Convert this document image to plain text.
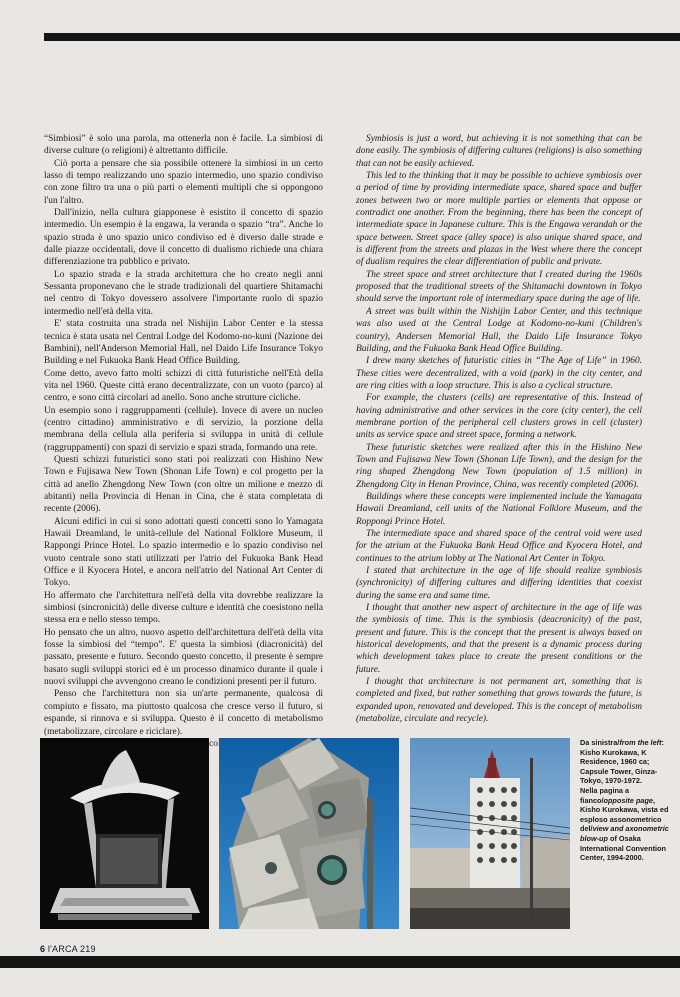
“Simbiosi” è solo una parola, ma ottenerla non è facile. La simbiosi di diverse culture (o religioni) è altrettanto difficile.

Ciò porta a pensare che sia possibile ottenere la simbiosi in un certo lasso di tempo realizzando uno spazio intermedio, uno spazio condiviso con zone filtro tra una o più parti o elementi multipli che si oppongono l'un l'altro.

Dall'inizio, nella cultura giapponese è esistito il concetto di spazio intermedio. Un esempio è la engawa, la veranda o spazio “tra”. Anche lo spazio strada è uno spazio unico condiviso ed è diverso dalle strade e dalle piazze occidentali, dove il concetto di dualismo richiede una chiara differenziazione tra pubblico e privato.

Lo spazio strada e la strada architettura che ho creato negli anni Sessanta proponevano che le strade tradizionali del quartiere Shitamachi nel centro di Tokyo dovessero assolvere l'importante ruolo di spazio intermedio nell'età della vita.

E' stata costruita una strada nel Nishijin Labor Center e la stessa tecnica è stata usata nel Central Lodge del Kodomo-no-kuni (Nazione dei Bambini), nell'Anderson Memorial Hall, nel Daido Life Insurance Tokyo Building e nel Fukuoka Bank Head Office Building.

Come detto, avevo fatto molti schizzi di città futuristiche nell'Età della vita nel 1960. Queste città erano decentralizzate, con un vuoto (parco) al centro, e sono città circolari ad anello. Sono anche strutture cicliche.

Un esempio sono i raggruppamenti (cellule). Invece di avere un nucleo (centro cittadino) amministrativo e di servizio, la porzione della membrana della cellula alla periferia si sviluppa in unità di cellule (raggruppamenti) con spazi di servizio e spazi strada, formando una rete.

Questi schizzi futuristici sono stati poi realizzati con Hishino New Town e Fujisawa New Town (Shonan Life Town) e col progetto per la città ad anello Zhengdong New Town (con oltre un milione e mezzo di abitanti) nella Provincia di Henan in Cina, che è stata completata di recente (2006).

Alcuni edifici in cui si sono adottati questi concetti sono lo Yamagata Hawaii Dreamland, le unità-cellule del National Folklore Museum, il Rappongi Prince Hotel. Lo spazio intermedio e lo spazio condiviso nel vuoto centrale sono stati utilizzati per l'atrio del Fukuoka Bank Head Office e il Kyocera Hotel, e ancora nell'atrio del National Art Center di Tokyo.

Ho affermato che l'architettura nell'età della vita dovrebbe realizzare la simbiosi (sincronicità) delle diverse culture e identità che coesistono nella stessa era e nello stesso tempo.

Ho pensato che un altro, nuovo aspetto dell'architettura dell'età della vita fosse la simbiosi del “tempo”. E' questa la simbiosi (diacronicità) del passato, presente e futuro. Secondo questo concetto, il presente è sempre basato sugli sviluppi storici ed è un processo dinamico durante il quale i nuovi sviluppi che avvengono creano le condizioni presenti per il futuro.

Penso che l'architettura non sia un'arte permanente, qualcosa di compiuto e fissato, ma piuttosto qualcosa che cresce verso il futuro, si espande, si rinnova e si sviluppa. Questo è il concetto di metabolismo (metabolizzare, circolare e riciclare).

secolare,

Symbiosis is just a word, but achieving it is not something that can be done easily. The symbiosis of differing cultures (religions) is also something that can not be easily achieved.

This led to the thinking that it may be possible to achieve symbiosis over a period of time by providing intermediate space, shared space and buffer zones between two or more multiple parties or elements that oppose or contradict one another. From the beginning, there has been the concept of intermediate space in Japanese culture. This is the Engawa verandah or the space between. Street space (alley space) is also unique shared space, and is different from the streets and plazas in the West where there the concept of dualism requires the clear differentiation of public and private.

The street space and street architecture that I created during the 1960s proposed that the traditional streets of the Shitamachi downtown in Tokyo should serve the important role of intermediary space during the age of life.

A street was built within the Nishijin Labor Center, and this technique was also used at the Central Lodge at Kodomo-no-kuni (Children's country), Andersen Memorial Hall, the Daido Life Insurance Tokyo Building, and the Fukuoka Bank Head Office Building.

I drew many sketches of futuristic cities in “The Age of Life” in 1960. These cities were decentralized, with a void (park) in the city center, and are ring cities with a loop structure. This is also a cyclical structure.

For example, the clusters (cells) are representative of this. Instead of having administrative and other services in the core (city center), the cell membrane portion of the peripheral cell clusters grows in cell (cluster) units as service space and street space, forming a network.

These futuristic sketches were realized after this in the Hishino New Town and Fujisawa New Town (Shonan Life Town), and the design for the ring shaped Zhengdong New Town (population of 1.5 million) in Zhengdong City in Henan Province, China, was recently completed (2006).

Buildings where these concepts were implemented include the Yamagata Hawaii Dreamland, cell units of the National Folklore Museum, and the Roppongi Prince Hotel.

The intermediate space and shared space of the central void were used for the atrium at the Fukuoka Bank Head Office and Kyocera Hotel, and continues to the atrium lobby at The National Art Center in Tokyo.

I stated that architecture in the age of life should realize symbiosis (synchronicity) of differing cultures and differing identities that coexist during the same era and same time.

I thought that another new aspect of architecture in the age of life was the symbiosis of time. This is the symbiosis (deacronicity) of the past, present and future. This is the concept that the present is always based on historical developments, and that the present is a dynamic process during which development takes place to create the present conditions or the future.

I thought that architecture is not permanent art, something that is completed and fixed, but rather something that grows towards the future, is expanded upon, renovated and developed. This is the concept of metabolism (metabolize, circulate and recycle).

Da sinistra/from the left: Kisho Kurokawa, K Residence, 1960 ca; Capsule Tower, Ginza-Tokyo, 1970-1972.
Nella pagina a fianco/opposite page, Kisho Kurokawa, vista ed esploso assonometrico del/view and axonometric blow-up of Osaka International Convention Center, 1994-2000.
6 l'ARCA 219
